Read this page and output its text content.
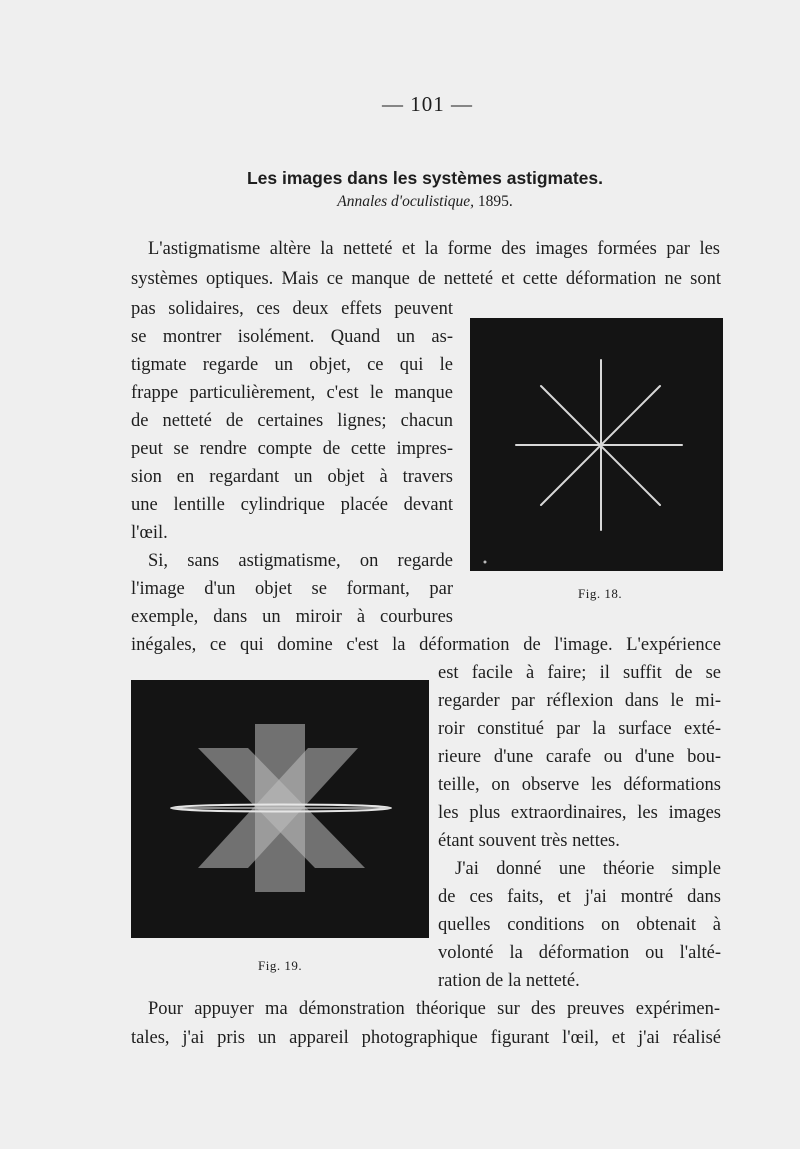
— 101 —
Les images dans les systèmes astigmates.
Annales d'oculistique, 1895.
L'astigmatisme altère la netteté et la forme des images formées par les
systèmes optiques. Mais ce manque de netteté et cette déformation ne sont
pas solidaires, ces deux effets peuvent
se montrer isolément. Quand un as-
tigmate regarde un objet, ce qui le
frappe particulièrement, c'est le manque
de netteté de certaines lignes; chacun
peut se rendre compte de cette impres-
sion en regardant un objet à travers
une lentille cylindrique placée devant
l'œil.
Si, sans astigmatisme, on regarde
l'image d'un objet se formant, par
exemple, dans un miroir à courbures
inégales, ce qui domine c'est la déformation de l'image. L'expérience
est facile à faire; il suffit de se
regarder par réflexion dans le mi-
roir constitué par la surface exté-
rieure d'une carafe ou d'une bou-
teille, on observe les déformations
les plus extraordinaires, les images
étant souvent très nettes.
J'ai donné une théorie simple
de ces faits, et j'ai montré dans
quelles conditions on obtenait à
volonté la déformation ou l'alté-
ration de la netteté.
Pour appuyer ma démonstration théorique sur des preuves expérimen-
tales, j'ai pris un appareil photographique figurant l'œil, et j'ai réalisé
Fig. 18.
Fig. 19.
